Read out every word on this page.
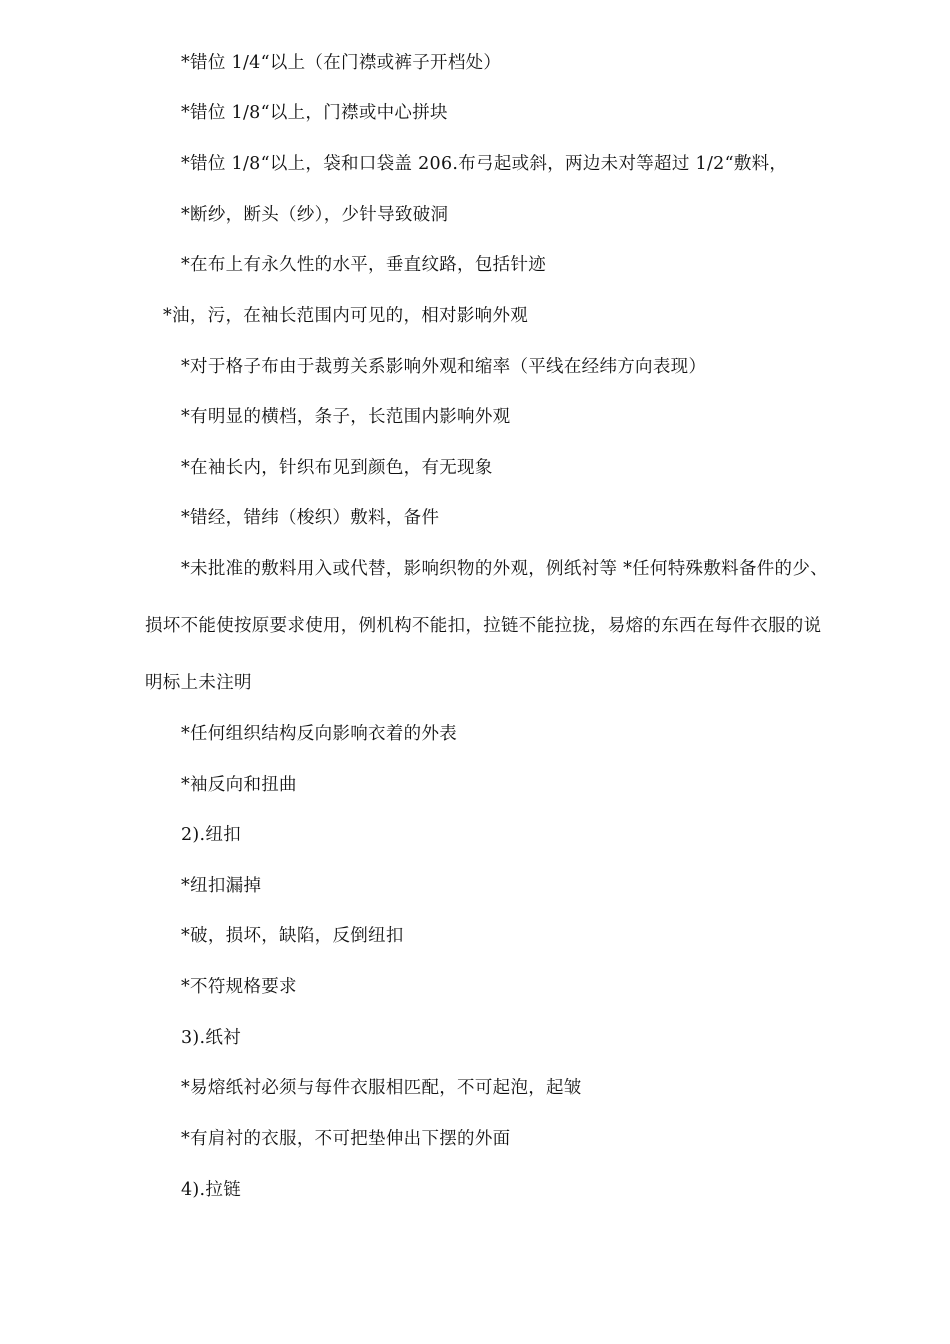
*错位 1/4“以上（在门襟或裤子开档处）
*错位 1/8“以上，门襟或中心拼块
*错位 1/8“以上，袋和口袋盖 206.布弓起或斜，两边未对等超过 1/2“敷料，
*断纱，断头（纱），少针导致破洞
*在布上有永久性的水平，垂直纹路，包括针迹
*油，污，在袖长范围内可见的，相对影响外观
*对于格子布由于裁剪关系影响外观和缩率（平线在经纬方向表现）
*有明显的横档，条子，长范围内影响外观
*在袖长内，针织布见到颜色，有无现象
*错经，错纬（梭织）敷料，备件
*未批准的敷料用入或代替，影响织物的外观，例纸衬等 *任何特殊敷料备件的少、
损坏不能使按原要求使用，例机构不能扣，拉链不能拉拢，易熔的东西在每件衣服的说
明标上未注明
*任何组织结构反向影响衣着的外表
*袖反向和扭曲
2).纽扣
*纽扣漏掉
*破，损坏，缺陷，反倒纽扣
*不符规格要求
3).纸衬
*易熔纸衬必须与每件衣服相匹配，不可起泡，起皱
*有肩衬的衣服，不可把垫伸出下摆的外面
4).拉链
